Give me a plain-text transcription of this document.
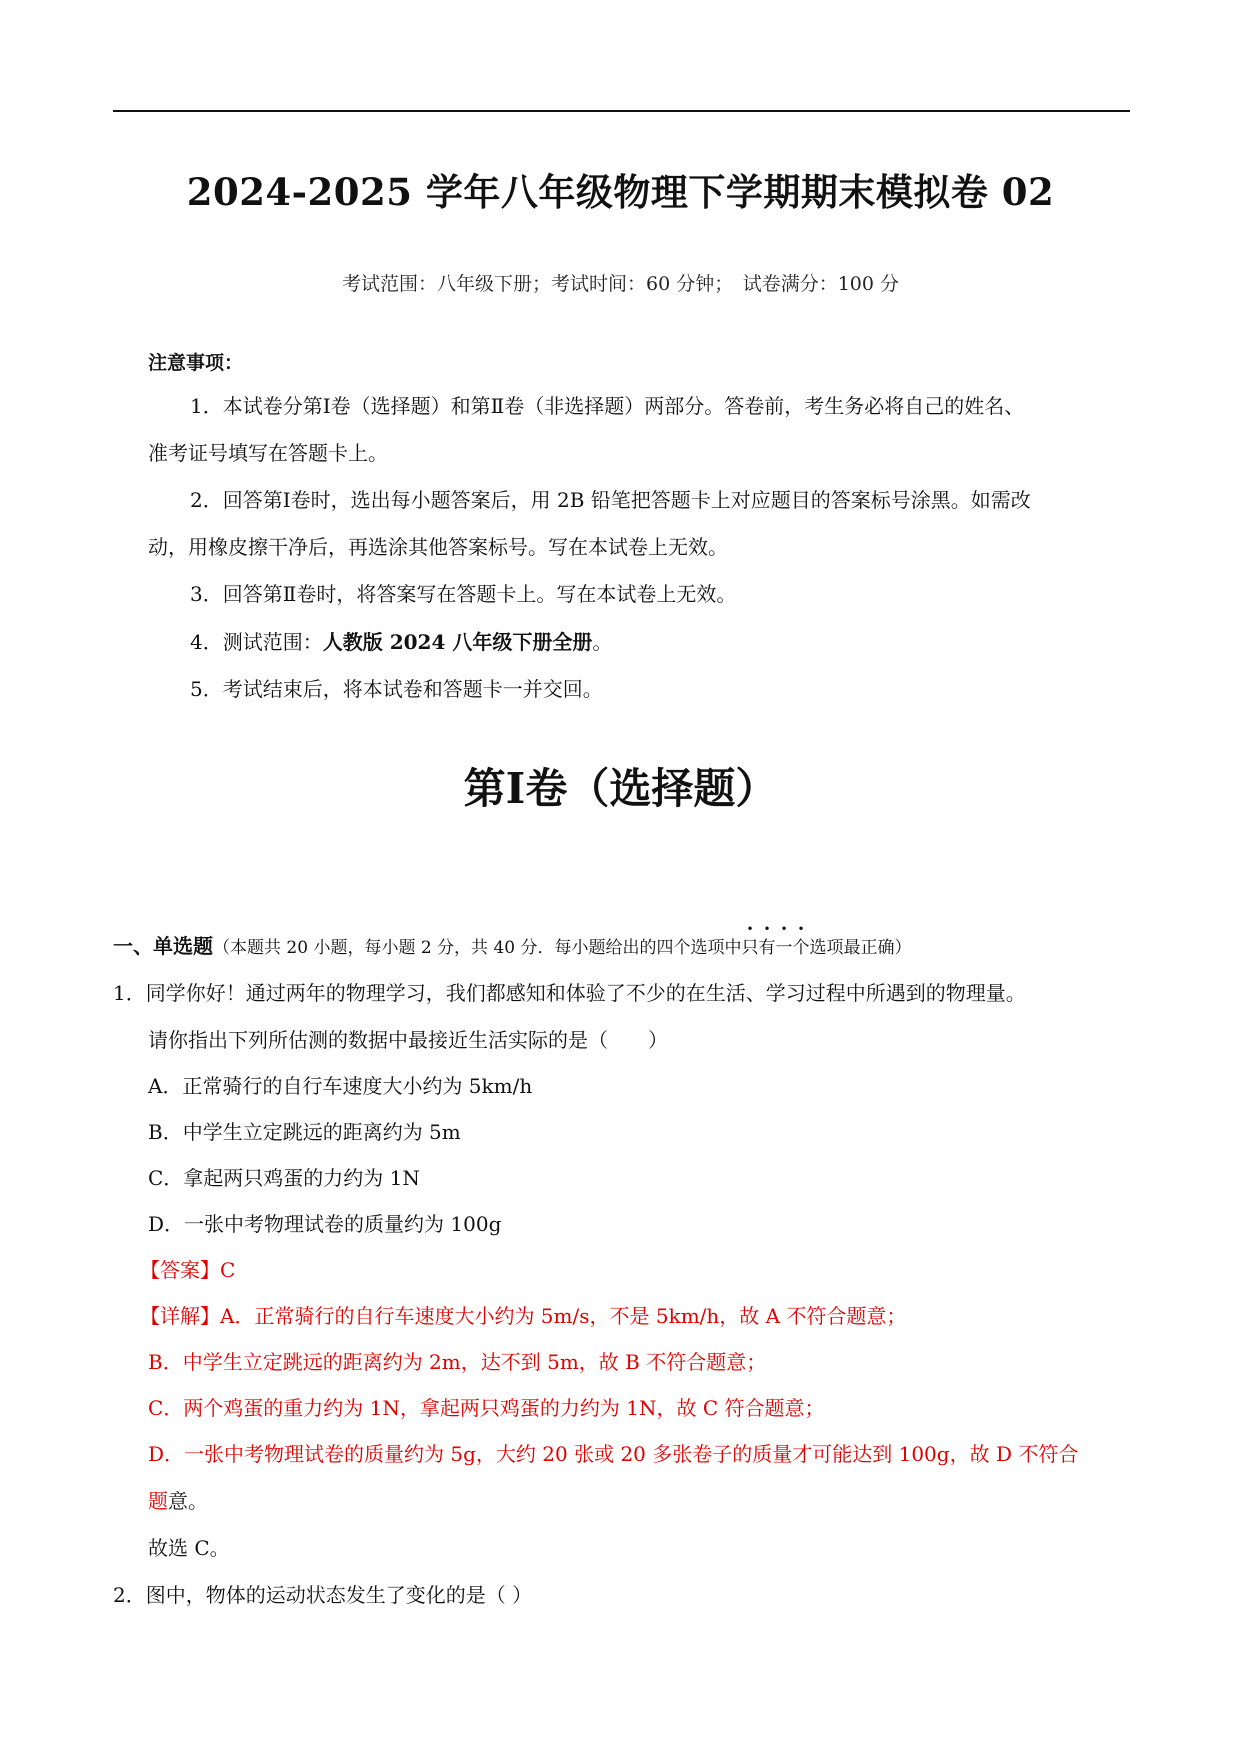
2024-2025 学年八年级物理下学期期末模拟卷 02
考试范围：八年级下册；考试时间：60 分钟；　试卷满分：100 分
注意事项：
1．本试卷分第Ⅰ卷（选择题）和第Ⅱ卷（非选择题）两部分。答卷前，考生务必将自己的姓名、
准考证号填写在答题卡上。
2．回答第Ⅰ卷时，选出每小题答案后，用 2B 铅笔把答题卡上对应题目的答案标号涂黑。如需改
动，用橡皮擦干净后，再选涂其他答案标号。写在本试卷上无效。
3．回答第Ⅱ卷时，将答案写在答题卡上。写在本试卷上无效。
4．测试范围：人教版 2024 八年级下册全册。
5．考试结束后，将本试卷和答题卡一并交回。
第Ⅰ卷（选择题）
一、单选题（本题共 20 小题，每小题 2 分，共 40 分．每小题给出的四个选项中只有一个选项最正确）
1．同学你好！通过两年的物理学习，我们都感知和体验了不少的在生活、学习过程中所遇到的物理量。
请你指出下列所估测的数据中最接近生活实际的是（　　）
A．正常骑行的自行车速度大小约为 5km/h
B．中学生立定跳远的距离约为 5m
C．拿起两只鸡蛋的力约为 1N
D．一张中考物理试卷的质量约为 100g
【答案】C
【详解】A．正常骑行的自行车速度大小约为 5m/s，不是 5km/h，故 A 不符合题意；
B．中学生立定跳远的距离约为 2m，达不到 5m，故 B 不符合题意；
C．两个鸡蛋的重力约为 1N，拿起两只鸡蛋的力约为 1N，故 C 符合题意；
D．一张中考物理试卷的质量约为 5g，大约 20 张或 20 多张卷子的质量才可能达到 100g，故 D 不符合
题意。
故选 C。
2．图中，物体的运动状态发生了变化的是（ ）
